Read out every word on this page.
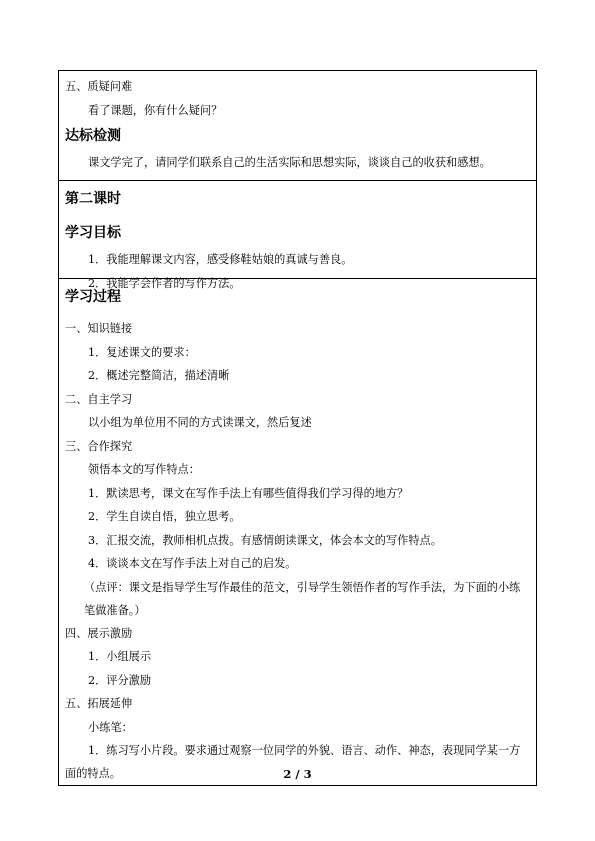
五、质疑问难
看了课题，你有什么疑问？
达标检测
课文学完了，请同学们联系自己的生活实际和思想实际，谈谈自己的收获和感想。
第二课时
学习目标
1．我能理解课文内容，感受修鞋姑娘的真诚与善良。
2．我能学会作者的写作方法。
学习过程
一、知识链接
1．复述课文的要求：
2．概述完整简洁，描述清晰
二、自主学习
以小组为单位用不同的方式读课文，然后复述
三、合作探究
领悟本文的写作特点：
1．默读思考，课文在写作手法上有哪些值得我们学习得的地方？
2．学生自读自悟，独立思考。
3．汇报交流，教师相机点拨。有感情朗读课文，体会本文的写作特点。
4．谈谈本文在写作手法上对自己的启发。
（点评：课文是指导学生写作最佳的范文，引导学生领悟作者的写作手法，为下面的小练笔做准备。）
四、展示激励
1．小组展示
2．评分激励
五、拓展延伸
小练笔：
1．练习写小片段。要求通过观察一位同学的外貌、语言、动作、神态，表现同学某一方面的特点。	2 / 3
